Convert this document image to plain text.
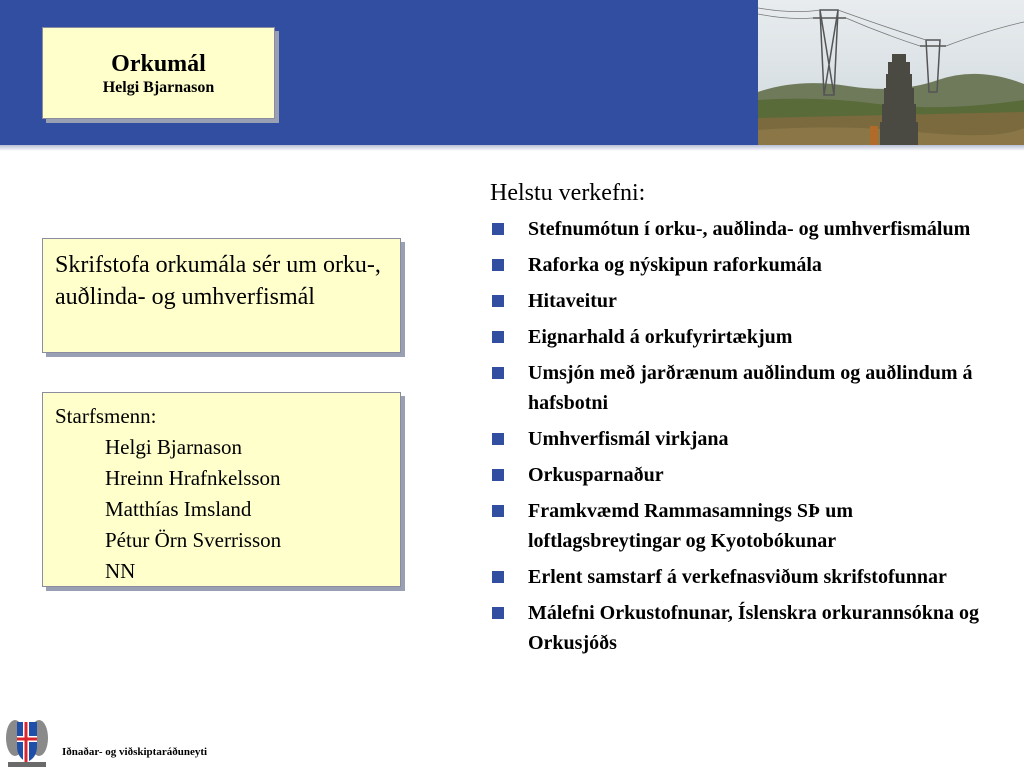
Orkumál
Helgi Bjarnason
Skrifstofa orkumála sér um orku-, auðlinda- og umhverfismál
Starfsmenn:
Helgi Bjarnason
Hreinn Hrafnkelsson
Matthías Imsland
Pétur Örn Sverrisson
NN
Helstu verkefni:
Stefnumótun í orku-, auðlinda- og umhverfismálum
Raforka og nýskipun raforkumála
Hitaveitur
Eignarhald á orkufyrirtækjum
Umsjón með jarðrænum auðlindum og auðlindum á hafsbotni
Umhverfismál virkjana
Orkusparnaður
Framkvæmd Rammasamnings SÞ um loftlagsbreytingar og Kyotobókunar
Erlent samstarf á verkefnasviðum skrifstofunnar
Málefni Orkustofnunar, Íslenskra orkurannsókna og Orkusjóðs
Iðnaðar- og viðskiptaráðuneyti
